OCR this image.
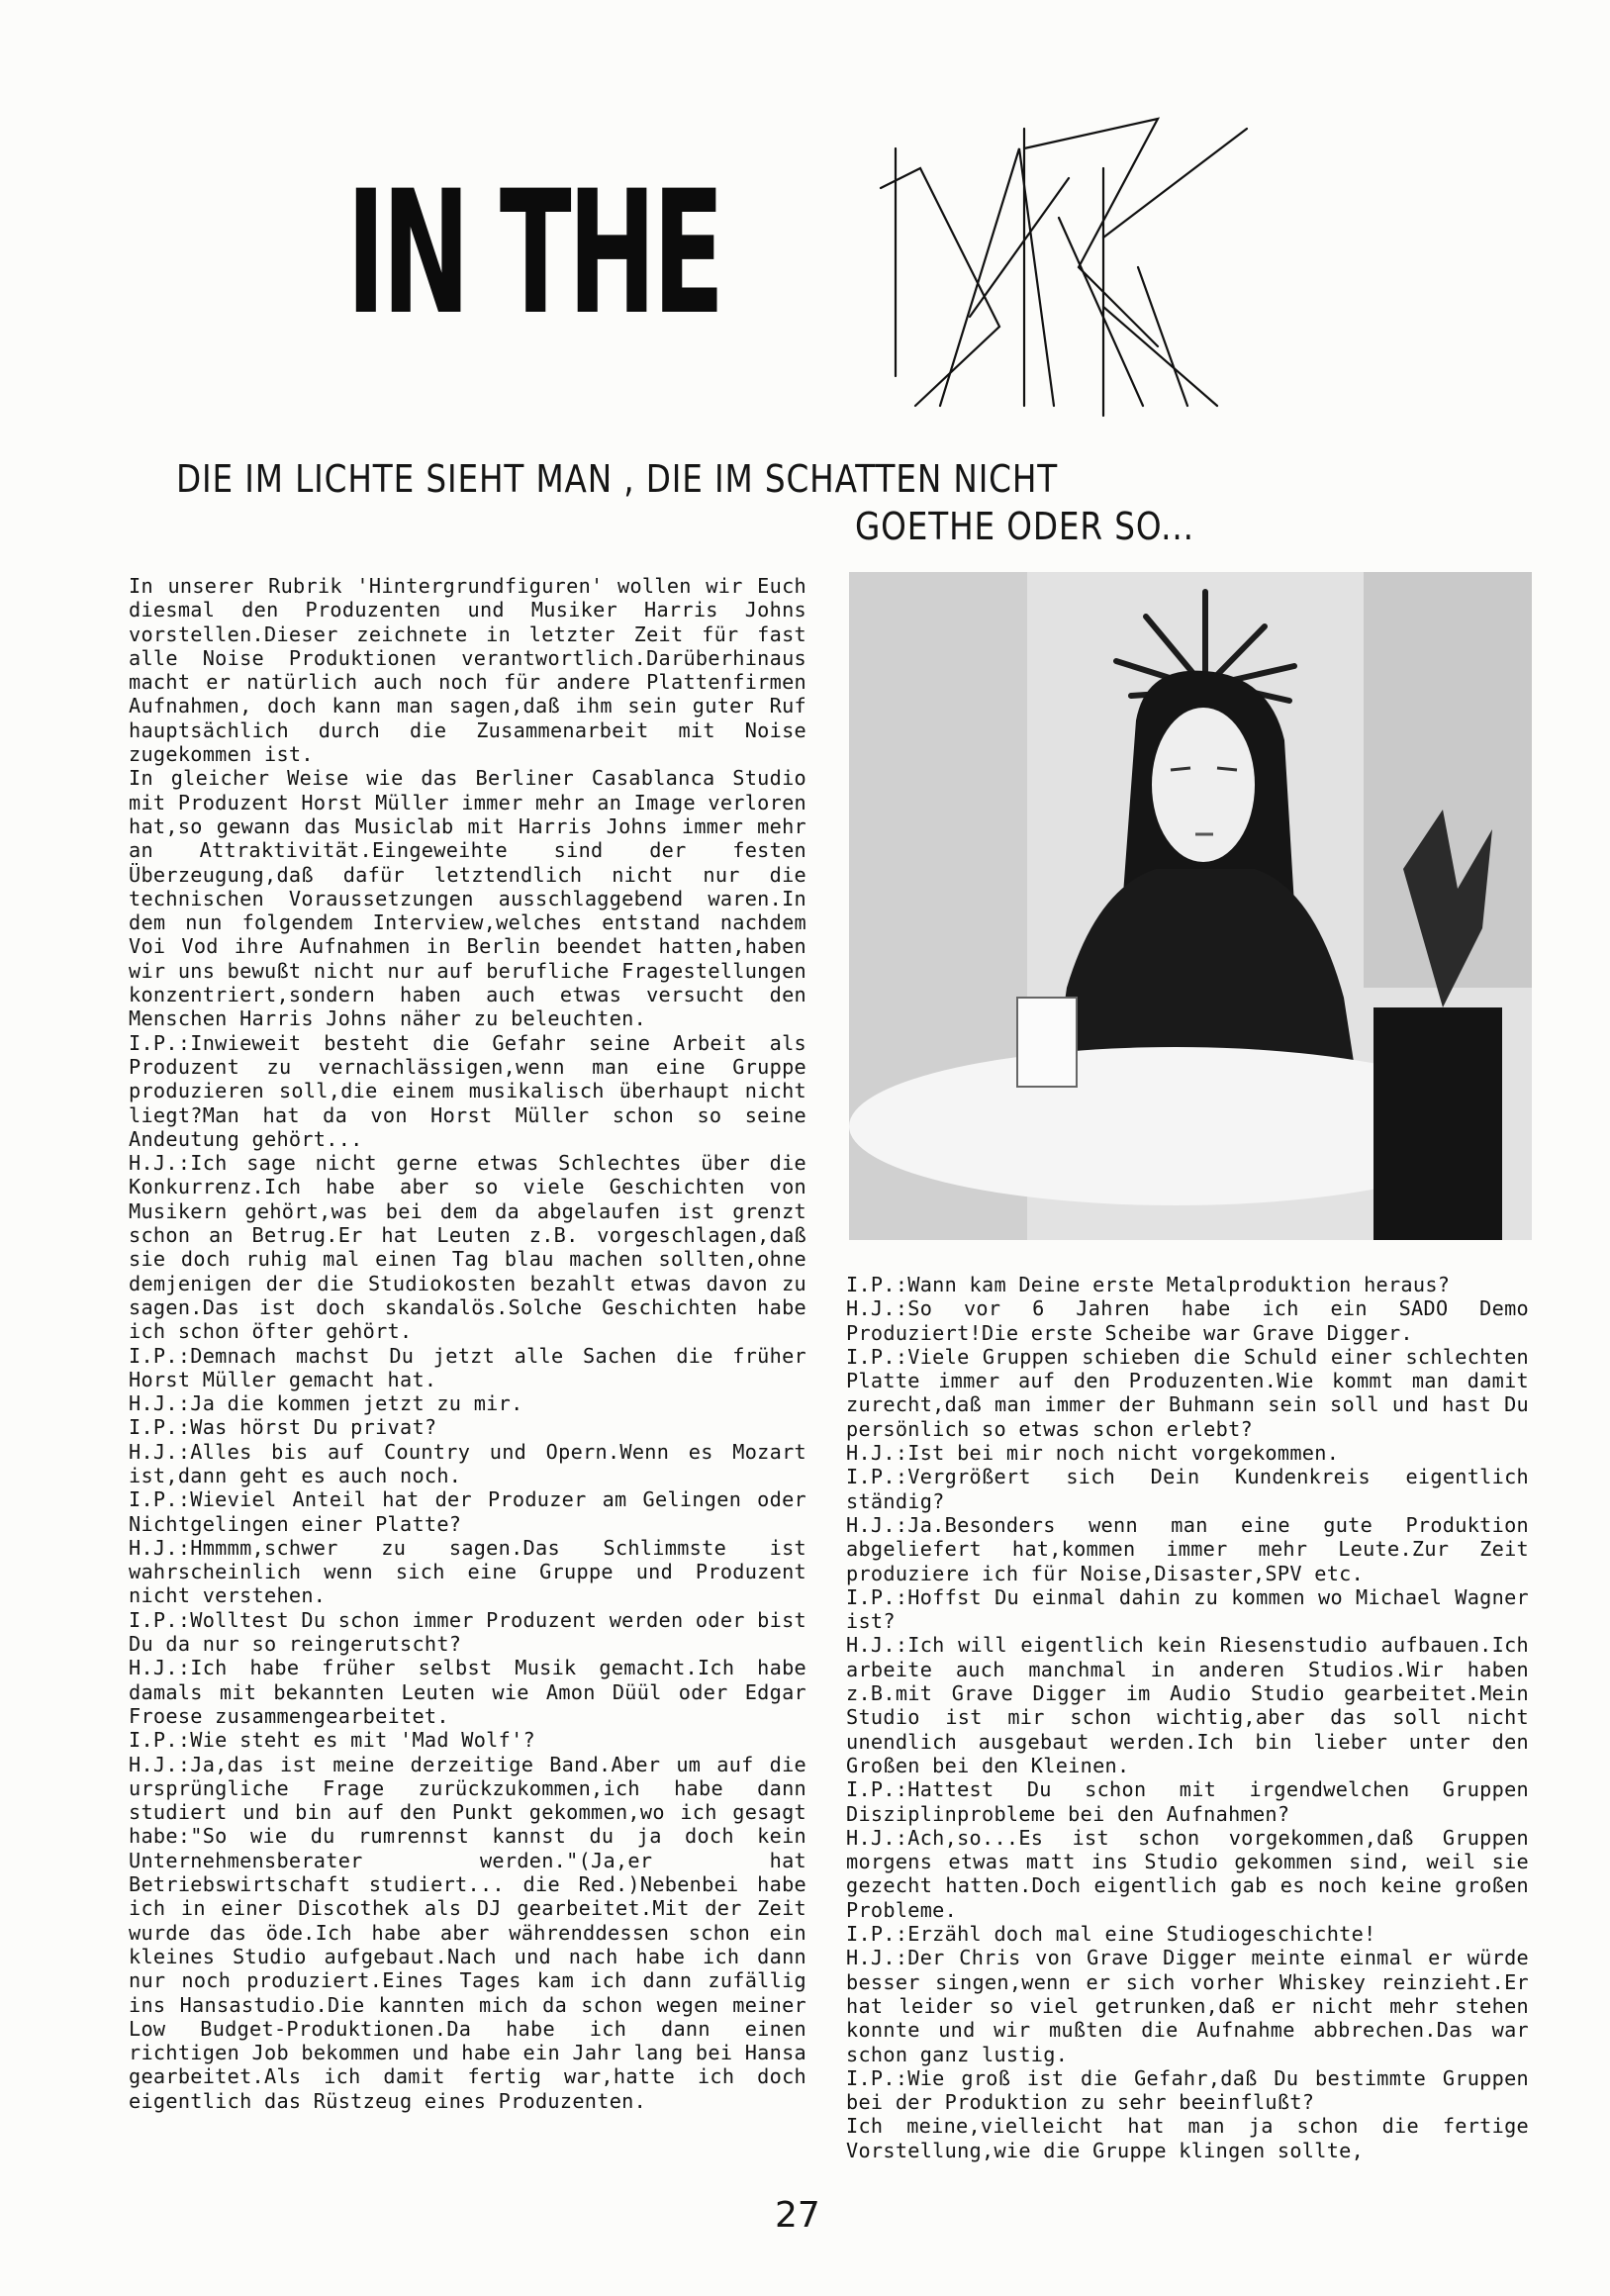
IN THE
DIE IM LICHTE SIEHT MAN , DIE IM SCHATTEN NICHT
GOETHE ODER SO...

In unserer Rubrik 'Hintergrundfiguren' wollen wir Euch diesmal den Produzenten und Musiker Harris Johns vorstellen.Dieser zeichnete in letzter Zeit für fast alle Noise Produktionen verantwortlich.Darüberhinaus macht er natürlich auch noch für andere Plattenfirmen Aufnahmen, doch kann man sagen,daß ihm sein guter Ruf hauptsächlich durch die Zusammenarbeit mit Noise zugekommen ist.

In gleicher Weise wie das Berliner Casablanca Studio mit Produzent Horst Müller immer mehr an Image verloren hat,so gewann das Musiclab mit Harris Johns immer mehr an Attraktivität.Eingeweihte sind der festen Überzeugung,daß dafür letztendlich nicht nur die technischen Voraussetzungen ausschlaggebend waren.In dem nun folgendem Interview,welches entstand nachdem Voi Vod ihre Aufnahmen in Berlin beendet hatten,haben wir uns bewußt nicht nur auf berufliche Fragestellungen konzentriert,sondern haben auch etwas versucht den Menschen Harris Johns näher zu beleuchten.

I.P.:Inwieweit besteht die Gefahr seine Arbeit als Produzent zu vernachlässigen,wenn man eine Gruppe produzieren soll,die einem musikalisch überhaupt nicht liegt?Man hat da von Horst Müller schon so seine Andeutung gehört...

H.J.:Ich sage nicht gerne etwas Schlechtes über die Konkurrenz.Ich habe aber so viele Geschichten von Musikern gehört,was bei dem da abgelaufen ist grenzt schon an Betrug.Er hat Leuten z.B. vorgeschlagen,daß sie doch ruhig mal einen Tag blau machen sollten,ohne demjenigen der die Studiokosten bezahlt etwas davon zu sagen.Das ist doch skandalös.Solche Geschichten habe ich schon öfter gehört.

I.P.:Demnach machst Du jetzt alle Sachen die früher Horst Müller gemacht hat.

H.J.:Ja die kommen jetzt zu mir.

I.P.:Was hörst Du privat?

H.J.:Alles bis auf Country und Opern.Wenn es Mozart ist,dann geht es auch noch.

I.P.:Wieviel Anteil hat der Produzer am Gelingen oder Nichtgelingen einer Platte?

H.J.:Hmmmm,schwer zu sagen.Das Schlimmste ist wahrscheinlich wenn sich eine Gruppe und Produzent nicht verstehen.

I.P.:Wolltest Du schon immer Produzent werden oder bist Du da nur so reingerutscht?

H.J.:Ich habe früher selbst Musik gemacht.Ich habe damals mit bekannten Leuten wie Amon Düül oder Edgar Froese zusammengearbeitet.

I.P.:Wie steht es mit 'Mad Wolf'?

H.J.:Ja,das ist meine derzeitige Band.Aber um auf die ursprüngliche Frage zurückzukommen,ich habe dann studiert und bin auf den Punkt gekommen,wo ich gesagt habe:"So wie du rumrennst kannst du ja doch kein Unternehmensberater werden."(Ja,er hat Betriebswirtschaft studiert... die Red.)Nebenbei habe ich in einer Discothek als DJ gearbeitet.Mit der Zeit wurde das öde.Ich habe aber währenddessen schon ein kleines Studio aufgebaut.Nach und nach habe ich dann nur noch produziert.Eines Tages kam ich dann zufällig ins Hansastudio.Die kannten mich da schon wegen meiner Low Budget-Produktionen.Da habe ich dann einen richtigen Job bekommen und habe ein Jahr lang bei Hansa gearbeitet.Als ich damit fertig war,hatte ich doch eigentlich das Rüstzeug eines Produzenten.

I.P.:Wann kam Deine erste Metalproduktion heraus?

H.J.:So vor 6 Jahren habe ich ein SADO Demo Produziert!Die erste Scheibe war Grave Digger.

I.P.:Viele Gruppen schieben die Schuld einer schlechten Platte immer auf den Produzenten.Wie kommt man damit zurecht,daß man immer der Buhmann sein soll und hast Du persönlich so etwas schon erlebt?

H.J.:Ist bei mir noch nicht vorgekommen.

I.P.:Vergrößert sich Dein Kundenkreis eigentlich ständig?

H.J.:Ja.Besonders wenn man eine gute Produktion abgeliefert hat,kommen immer mehr Leute.Zur Zeit produziere ich für Noise,Disaster,SPV etc.

I.P.:Hoffst Du einmal dahin zu kommen wo Michael Wagner ist?

H.J.:Ich will eigentlich kein Riesenstudio aufbauen.Ich arbeite auch manchmal in anderen Studios.Wir haben z.B.mit Grave Digger im Audio Studio gearbeitet.Mein Studio ist mir schon wichtig,aber das soll nicht unendlich ausgebaut werden.Ich bin lieber unter den Großen bei den Kleinen.

I.P.:Hattest Du schon mit irgendwelchen Gruppen Disziplinprobleme bei den Aufnahmen?

H.J.:Ach,so...Es ist schon vorgekommen,daß Gruppen morgens etwas matt ins Studio gekommen sind, weil sie gezecht hatten.Doch eigentlich gab es noch keine großen Probleme.

I.P.:Erzähl doch mal eine Studiogeschichte!

H.J.:Der Chris von Grave Digger meinte einmal er würde besser singen,wenn er sich vorher Whiskey reinzieht.Er hat leider so viel getrunken,daß er nicht mehr stehen konnte und wir mußten die Aufnahme abbrechen.Das war schon ganz lustig.

I.P.:Wie groß ist die Gefahr,daß Du bestimmte Gruppen bei der Produktion zu sehr beeinflußt?

Ich meine,vielleicht hat man ja schon die fertige Vorstellung,wie die Gruppe klingen sollte,

27
